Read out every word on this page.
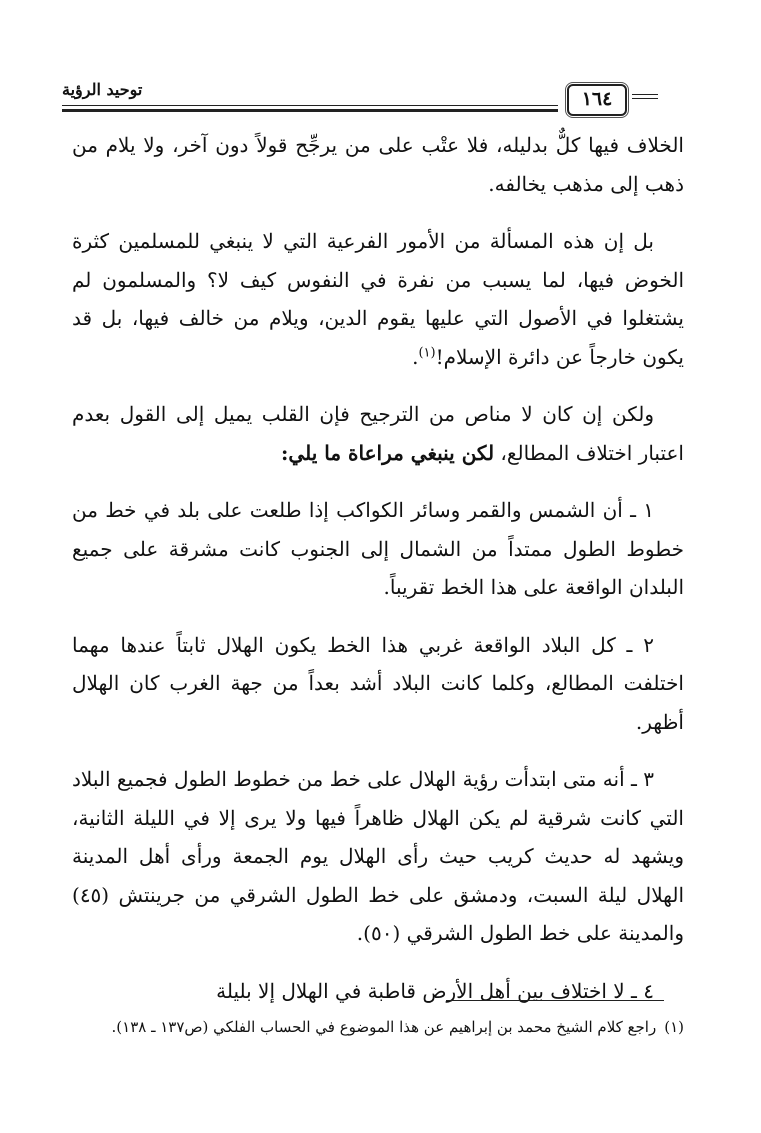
توحيد الرؤية	١٦٤

الخلاف فيها كلٌّ بدليله، فلا عتْب على من يرجِّح قولاً دون آخر، ولا يلام من ذهب إلى مذهب يخالفه.

بل إن هذه المسألة من الأمور الفرعية التي لا ينبغي للمسلمين كثرة الخوض فيها، لما يسبب من نفرة في النفوس كيف لا؟ والمسلمون لم يشتغلوا في الأصول التي عليها يقوم الدين، ويلام من خالف فيها، بل قد يكون خارجاً عن دائرة الإسلام!$^{(١)}$.

ولكن إن كان لا مناص من الترجيح فإن القلب يميل إلى القول بعدم اعتبار اختلاف المطالع، لكن ينبغي مراعاة ما يلي:

١ ـ أن الشمس والقمر وسائر الكواكب إذا طلعت على بلد في خط من خطوط الطول ممتداً من الشمال إلى الجنوب كانت مشرقة على جميع البلدان الواقعة على هذا الخط تقريباً.

٢ ـ كل البلاد الواقعة غربي هذا الخط يكون الهلال ثابتاً عندها مهما اختلفت المطالع، وكلما كانت البلاد أشد بعداً من جهة الغرب كان الهلال أظهر.

٣ ـ أنه متى ابتدأت رؤية الهلال على خط من خطوط الطول فجميع البلاد التي كانت شرقية لم يكن الهلال ظاهراً فيها ولا يرى إلا في الليلة الثانية، ويشهد له حديث كريب حيث رأى الهلال يوم الجمعة ورأى أهل المدينة الهلال ليلة السبت، ودمشق على خط الطول الشرقي من جرينتش (٤٥) والمدينة على خط الطول الشرقي (٥٠).

٤ ـ لا اختلاف بين أهل الأرض قاطبة في الهلال إلا بليلة

(١)راجع كلام الشيخ محمد بن إبراهيم عن هذا الموضوع في الحساب الفلكي (ص١٣٧ ـ ١٣٨).
